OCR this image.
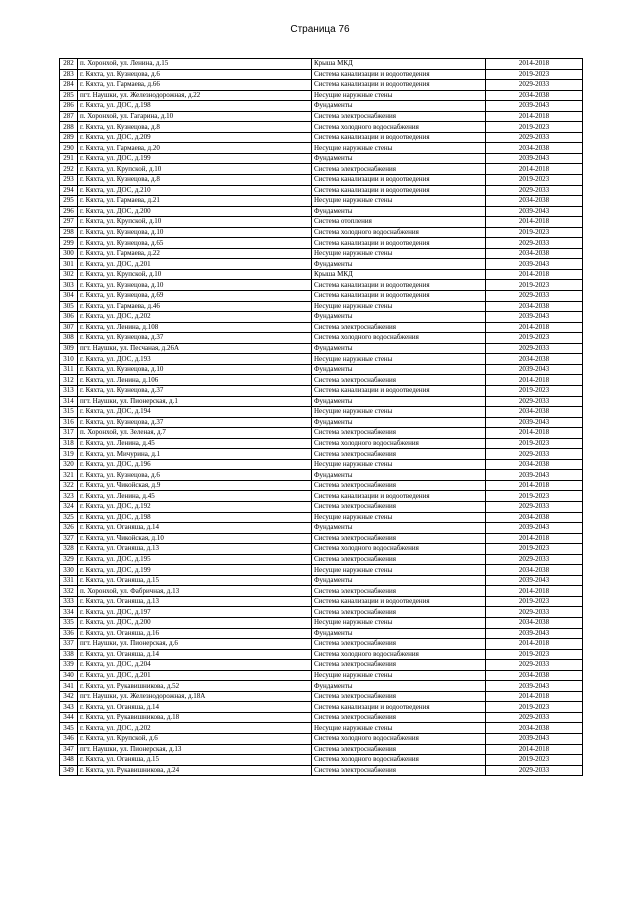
Страница 76
282	п. Хоронхой, ул. Ленина, д.15	Крыша МКД	2014-2018
283	г. Кяхта, ул. Кузнецова, д.6	Система канализации и водоотведения	2019-2023
284	г. Кяхта, ул. Гармаева, д.66	Система канализации и водоотведения	2029-2033
285	пгт. Наушки, ул. Железнодорожная, д.22	Несущие наружные стены	2034-2038
286	г. Кяхта, ул. ДОС, д.198	Фундаменты	2039-2043
287	п. Хоронхой, ул. Гагарина, д.10	Система электроснабжения	2014-2018
288	г. Кяхта, ул. Кузнецова, д.8	Система холодного водоснабжения	2019-2023
289	г. Кяхта, ул. ДОС, д.209	Система канализации и водоотведения	2029-2033
290	г. Кяхта, ул. Гармаева, д.20	Несущие наружные стены	2034-2038
291	г. Кяхта, ул. ДОС, д.199	Фундаменты	2039-2043
292	г. Кяхта, ул. Крупской, д.10	Система электроснабжения	2014-2018
293	г. Кяхта, ул. Кузнецова, д.8	Система канализации и водоотведения	2019-2023
294	г. Кяхта, ул. ДОС, д.210	Система канализации и водоотведения	2029-2033
295	г. Кяхта, ул. Гармаева, д.21	Несущие наружные стены	2034-2038
296	г. Кяхта, ул. ДОС, д.200	Фундаменты	2039-2043
297	г. Кяхта, ул. Крупской, д.10	Система отопления	2014-2018
298	г. Кяхта, ул. Кузнецова, д.10	Система холодного водоснабжения	2019-2023
299	г. Кяхта, ул. Кузнецова, д.65	Система канализации и водоотведения	2029-2033
300	г. Кяхта, ул. Гармаева, д.22	Несущие наружные стены	2034-2038
301	г. Кяхта, ул. ДОС, д.201	Фундаменты	2039-2043
302	г. Кяхта, ул. Крупской, д.10	Крыша МКД	2014-2018
303	г. Кяхта, ул. Кузнецова, д.10	Система канализации и водоотведения	2019-2023
304	г. Кяхта, ул. Кузнецова, д.69	Система канализации и водоотведения	2029-2033
305	г. Кяхта, ул. Гармаева, д.46	Несущие наружные стены	2034-2038
306	г. Кяхта, ул. ДОС, д.202	Фундаменты	2039-2043
307	г. Кяхта, ул. Ленина, д.108	Система электроснабжения	2014-2018
308	г. Кяхта, ул. Кузнецова, д.37	Система холодного водоснабжения	2019-2023
309	пгт. Наушки, ул. Песчаная, д.26А	Фундаменты	2029-2033
310	г. Кяхта, ул. ДОС, д.193	Несущие наружные стены	2034-2038
311	г. Кяхта, ул. Кузнецова, д.10	Фундаменты	2039-2043
312	г. Кяхта, ул. Ленина, д.106	Система электроснабжения	2014-2018
313	г. Кяхта, ул. Кузнецова, д.37	Система канализации и водоотведения	2019-2023
314	пгт. Наушки, ул. Пионерская, д.1	Фундаменты	2029-2033
315	г. Кяхта, ул. ДОС, д.194	Несущие наружные стены	2034-2038
316	г. Кяхта, ул. Кузнецова, д.37	Фундаменты	2039-2043
317	п. Хоронхой, ул. Зеленая, д.7	Система электроснабжения	2014-2018
318	г. Кяхта, ул. Ленина, д.45	Система холодного водоснабжения	2019-2023
319	г. Кяхта, ул. Мичурина, д.1	Система электроснабжения	2029-2033
320	г. Кяхта, ул. ДОС, д.196	Несущие наружные стены	2034-2038
321	г. Кяхта, ул. Кузнецова, д.6	Фундаменты	2039-2043
322	г. Кяхта, ул. Чикойская, д.9	Система электроснабжения	2014-2018
323	г. Кяхта, ул. Ленина, д.45	Система канализации и водоотведения	2019-2023
324	г. Кяхта, ул. ДОС, д.192	Система электроснабжения	2029-2033
325	г. Кяхта, ул. ДОС, д.198	Несущие наружные стены	2034-2038
326	г. Кяхта, ул. Оганяша, д.14	Фундаменты	2039-2043
327	г. Кяхта, ул. Чикойская, д.10	Система электроснабжения	2014-2018
328	г. Кяхта, ул. Оганяша, д.13	Система холодного водоснабжения	2019-2023
329	г. Кяхта, ул. ДОС, д.195	Система электроснабжения	2029-2033
330	г. Кяхта, ул. ДОС, д.199	Несущие наружные стены	2034-2038
331	г. Кяхта, ул. Оганяша, д.15	Фундаменты	2039-2043
332	п. Хоронхой, ул. Фабричная, д.13	Система электроснабжения	2014-2018
333	г. Кяхта, ул. Оганяша, д.13	Система канализации и водоотведения	2019-2023
334	г. Кяхта, ул. ДОС, д.197	Система электроснабжения	2029-2033
335	г. Кяхта, ул. ДОС, д.200	Несущие наружные стены	2034-2038
336	г. Кяхта, ул. Оганяша, д.16	Фундаменты	2039-2043
337	пгт. Наушки, ул. Пионерская, д.6	Система электроснабжения	2014-2018
338	г. Кяхта, ул. Оганяша, д.14	Система холодного водоснабжения	2019-2023
339	г. Кяхта, ул. ДОС, д.204	Система электроснабжения	2029-2033
340	г. Кяхта, ул. ДОС, д.201	Несущие наружные стены	2034-2038
341	г. Кяхта, ул. Рукавишникова, д.52	Фундаменты	2039-2043
342	пгт. Наушки, ул. Железнодорожная, д.18А	Система электроснабжения	2014-2018
343	г. Кяхта, ул. Оганяша, д.14	Система канализации и водоотведения	2019-2023
344	г. Кяхта, ул. Рукавишникова, д.18	Система электроснабжения	2029-2033
345	г. Кяхта, ул. ДОС, д.202	Несущие наружные стены	2034-2038
346	г. Кяхта, ул. Крупской, д.6	Система холодного водоснабжения	2039-2043
347	пгт. Наушки, ул. Пионерская, д.13	Система электроснабжения	2014-2018
348	г. Кяхта, ул. Оганяша, д.15	Система холодного водоснабжения	2019-2023
349	г. Кяхта, ул. Рукавишникова, д.24	Система электроснабжения	2029-2033
